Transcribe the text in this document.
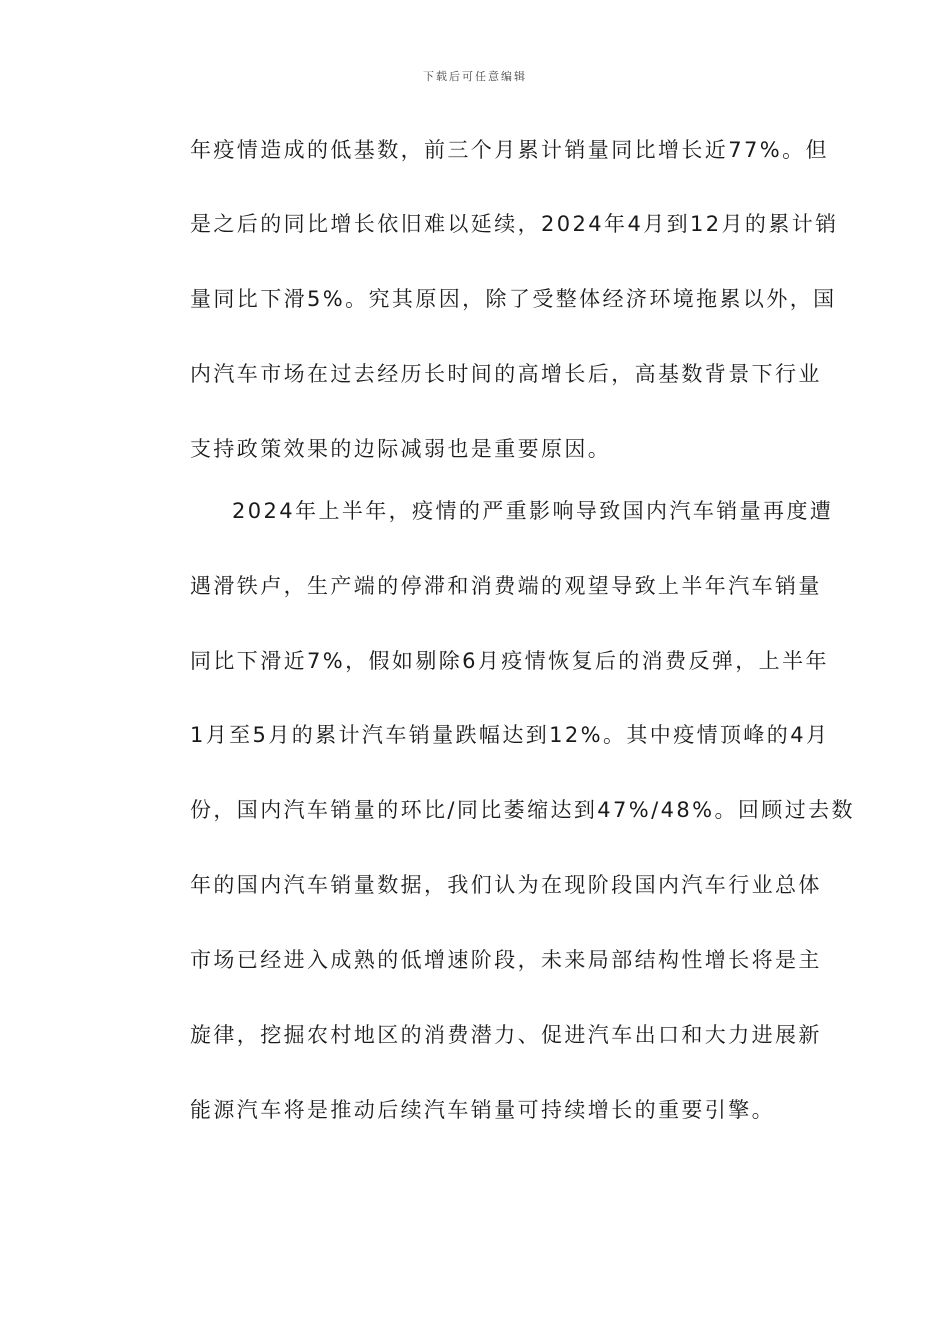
下载后可任意编辑
年疫情造成的低基数，前三个月累计销量同比增长近77%。但
是之后的同比增长依旧难以延续，2024年4月到12月的累计销
量同比下滑5%。究其原因，除了受整体经济环境拖累以外，国
内汽车市场在过去经历长时间的高增长后，高基数背景下行业
支持政策效果的边际减弱也是重要原因。
2024年上半年，疫情的严重影响导致国内汽车销量再度遭
遇滑铁卢，生产端的停滞和消费端的观望导致上半年汽车销量
同比下滑近7%，假如剔除6月疫情恢复后的消费反弹，上半年
1月至5月的累计汽车销量跌幅达到12%。其中疫情顶峰的4月
份，国内汽车销量的环比/同比萎缩达到47%/48%。回顾过去数
年的国内汽车销量数据，我们认为在现阶段国内汽车行业总体
市场已经进入成熟的低增速阶段，未来局部结构性增长将是主
旋律，挖掘农村地区的消费潜力、促进汽车出口和大力进展新
能源汽车将是推动后续汽车销量可持续增长的重要引擎。
